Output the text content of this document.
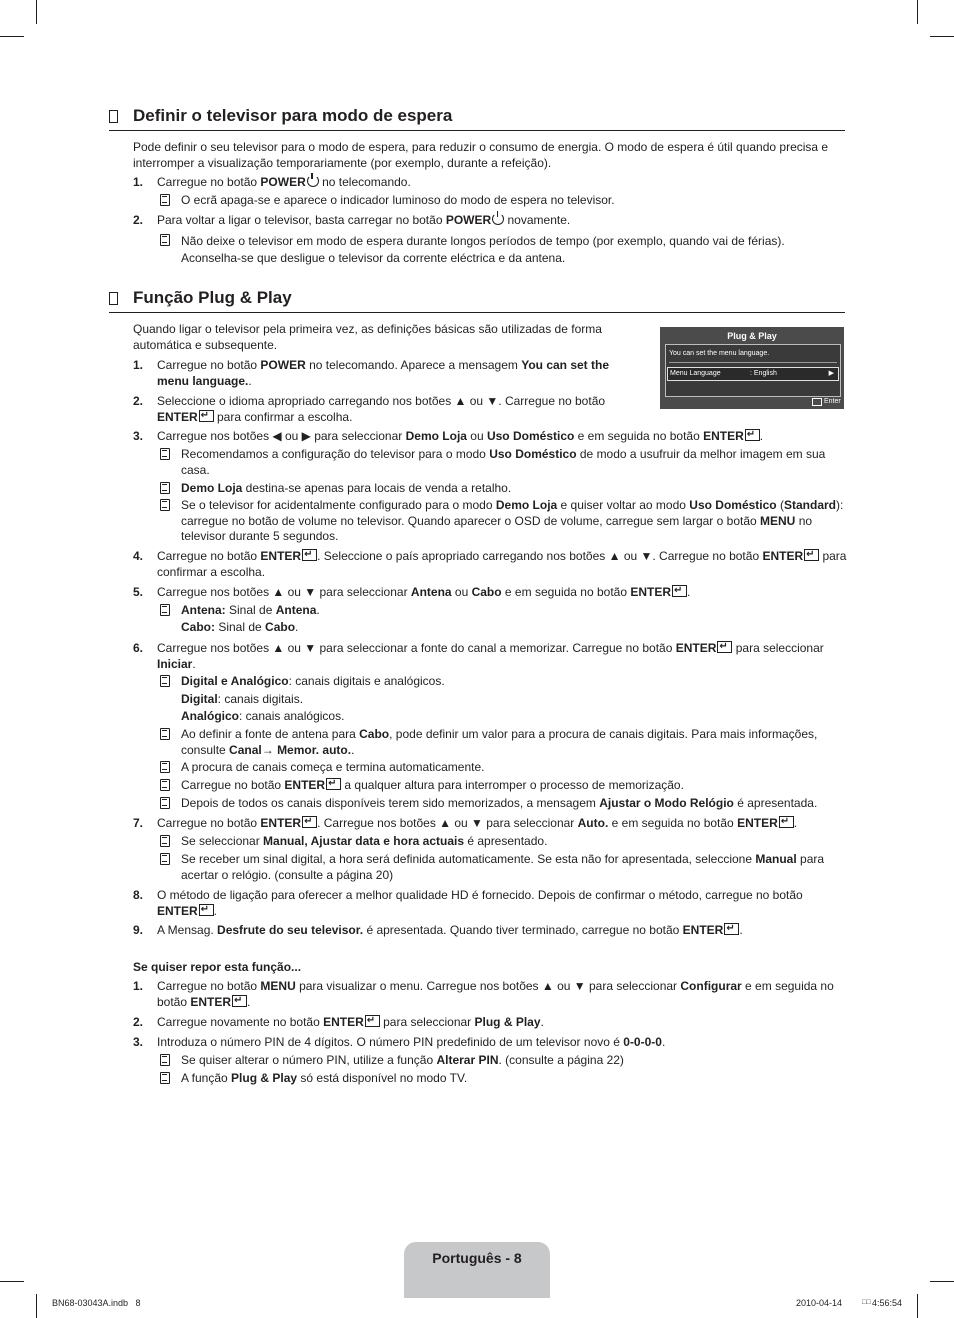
Definir o televisor para modo de espera
Pode definir o seu televisor para o modo de espera, para reduzir o consumo de energia. O modo de espera é útil quando precisa e interromper a visualização temporariamente (por exemplo, durante a refeição).
1.	Carregue no botão POWER no telecomando.
O ecrã apaga-se e aparece o indicador luminoso do modo de espera no televisor.
2.	Para voltar a ligar o televisor, basta carregar no botão POWER novamente.
Não deixe o televisor em modo de espera durante longos períodos de tempo (por exemplo, quando vai de férias). Aconselha-se que desligue o televisor da corrente eléctrica e da antena.
Função Plug & Play
Quando ligar o televisor pela primeira vez, as definições básicas são utilizadas de forma automática e subsequente.
Plug & Play
You can set the menu language.
Menu Language	: English	▶
Enter
1.	Carregue no botão POWER no telecomando. Aparece a mensagem You can set the menu language..
2.	Seleccione o idioma apropriado carregando nos botões ▲ ou ▼. Carregue no botão ENTER↵ para confirmar a escolha.
3.	Carregue nos botões ◀ ou ▶ para seleccionar Demo Loja ou Uso Doméstico e em seguida no botão ENTER ↵ .
Recomendamos a configuração do televisor para o modo Uso Doméstico de modo a usufruir da melhor imagem em sua casa.
Demo Loja destina-se apenas para locais de venda a retalho.
Se o televisor for acidentalmente configurado para o modo Demo Loja e quiser voltar ao modo Uso Doméstico (Standard): carregue no botão de volume no televisor. Quando aparecer o OSD de volume, carregue sem largar o botão MENU no televisor durante 5 segundos.
4.	Carregue no botão ENTER ↵ . Seleccione o país apropriado carregando nos botões ▲ ou ▼. Carregue no botão ENTER↵ para confirmar a escolha.
5.	Carregue nos botões ▲ ou ▼ para seleccionar Antena ou Cabo e em seguida no botão ENTER ↵ .
Antena: Sinal de Antena.
Cabo: Sinal de Cabo.
6.	Carregue nos botões ▲ ou ▼ para seleccionar a fonte do canal a memorizar. Carregue no botão ENTER↵ para seleccionar Iniciar.
Digital e Analógico: canais digitais e analógicos.
Digital: canais digitais.
Analógico: canais analógicos.
Ao definir a fonte de antena para Cabo, pode definir um valor para a procura de canais digitais. Para mais informações, consulte Canal→ Memor. auto..
A procura de canais começa e termina automaticamente.
Carregue no botão ENTER↵ a qualquer altura para interromper o processo de memorização.
Depois de todos os canais disponíveis terem sido memorizados, a mensagem Ajustar o Modo Relógio é apresentada.
7.	Carregue no botão ENTER ↵ . Carregue nos botões ▲ ou ▼ para seleccionar Auto. e em seguida no botão ENTER ↵ .
Se seleccionar Manual, Ajustar data e hora actuais é apresentado.
Se receber um sinal digital, a hora será definida automaticamente. Se esta não for apresentada, seleccione Manual para acertar o relógio. (consulte a página 20)
8.	O método de ligação para oferecer a melhor qualidade HD é fornecido. Depois de confirmar o método, carregue no botão ENTER ↵ .
9.	A Mensag. Desfrute do seu televisor. é apresentada. Quando tiver terminado, carregue no botão ENTER ↵ .
Se quiser repor esta função...
1.	Carregue no botão MENU para visualizar o menu. Carregue nos botões ▲ ou ▼ para seleccionar Configurar e em seguida no botão ENTER ↵ .
2.	Carregue novamente no botão ENTER↵ para seleccionar Plug & Play.
3.	Introduza o número PIN de 4 dígitos. O número PIN predefinido de um televisor novo é 0-0-0-0.
Se quiser alterar o número PIN, utilize a função Alterar PIN. (consulte a página 22)
A função Plug & Play só está disponível no modo TV.
Português - 8
BN68-03043A.indb   8	2010-04-14	□□ 4:56:54
